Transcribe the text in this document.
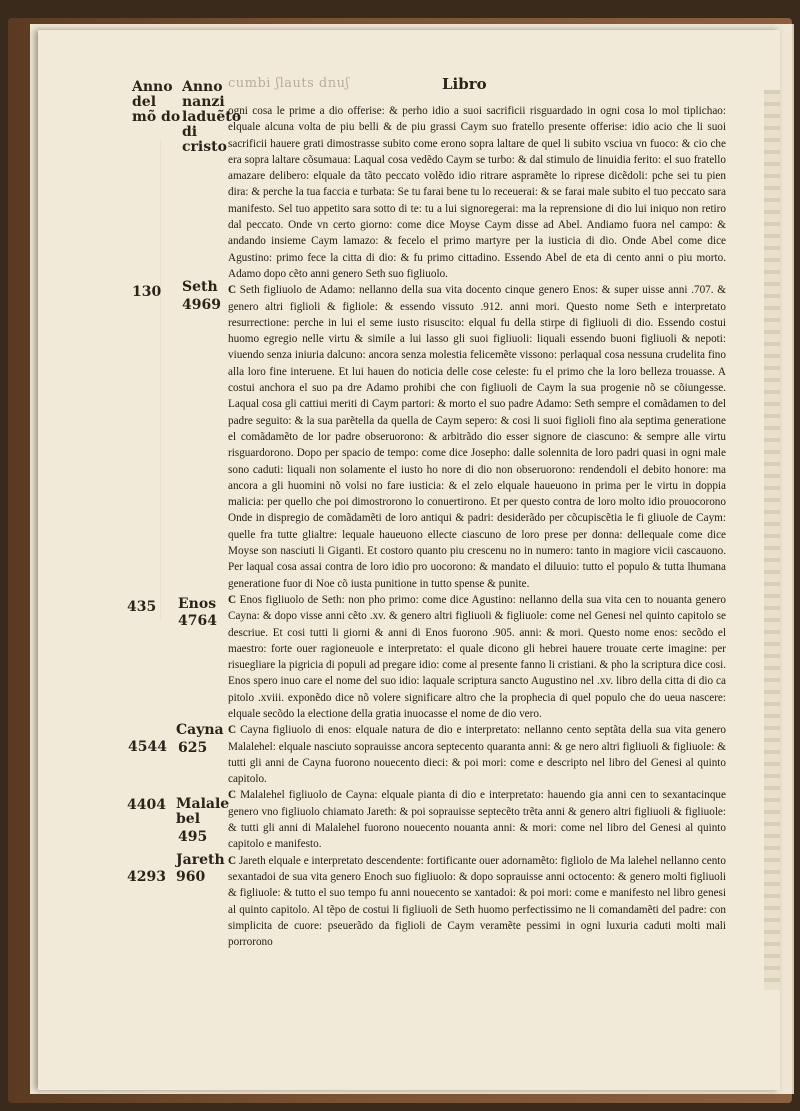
Anno del mõ do
Anno nanzi laduẽto di cristo
cumbi ʃlauts dnuʃ	Libro
130 Seth
4969
435 Enos
4764
4544
Cayna
625
4404 Malale bel
495
4293
Jareth
960

ogni cosa le prime a dio offerise: & perho idio a suoi sacrificii risguardado in ogni cosa lo mol tiplichao: elquale alcuna volta de piu belli & de piu grassi Caym suo fratello presente offerise: idio acio che li suoi sacrificii hauere grati dimostrasse subito come erono sopra laltare de quel li subito vsciua vn fuoco: & cio che era sopra laltare cõsumaua: Laqual cosa vedẽdo Caym se turbo: & dal stimulo de linuidia ferito: el suo fratello amazare delibero: elquale da tãto peccato volẽdo idio ritrare aspramẽte lo riprese dicẽdoli: pche sei tu pien dira: & perche la tua faccia e turbata: Se tu farai bene tu lo receuerai: & se farai male subito el tuo peccato sara manifesto. Sel tuo appetito sara sotto di te: tu a lui signoregerai: ma la reprensione di dio lui iniquo non retiro dal peccato. Onde vn certo giorno: come dice Moyse Caym disse ad Abel. Andiamo fuora nel campo: & andando insieme Caym lamazo: & fecelo el primo martyre per la iusticia di dio. Onde Abel come dice Agustino: primo fece la citta di dio: & fu primo cittadino. Essendo Abel de eta di cento anni o piu morto. Adamo dopo cẽto anni genero Seth suo figliuolo.

C Seth figliuolo de Adamo: nellanno della sua vita docento cinque genero Enos: & super uisse anni .707. & genero altri figlioli & figliole: & essendo vissuto .912. anni mori. Questo nome Seth e interpretato resurrectione: perche in lui el seme iusto risuscito: elqual fu della stirpe di figliuoli di dio. Essendo costui huomo egregio nelle virtu & simile a lui lasso gli suoi figliuoli: liquali essendo buoni figliuoli & nepoti: viuendo senza iniuria dalcuno: ancora senza molestia felicemẽte vissono: perlaqual cosa nessuna crudelita fino alla loro fine interuene. Et lui hauen do noticia delle cose celeste: fu el primo che la loro belleza trouasse. A costui anchora el suo pa dre Adamo prohibi che con figliuoli de Caym la sua progenie nõ se cõiungesse. Laqual cosa gli cattiui meriti di Caym partori: & morto el suo padre Adamo: Seth sempre el comãdamen to del padre seguito: & la sua parẽtella da quella de Caym sepero: & cosi li suoi figlioli fino ala septima generatione el comãdamẽto de lor padre obseruorono: & arbitrãdo dio esser signore de ciascuno: & sempre alle virtu risguardorono. Dopo per spacio de tempo: come dice Josepho: dalle solennita de loro padri quasi in ogni male sono caduti: liquali non solamente el iusto ho nore di dio non obseruorono: rendendoli el debito honore: ma ancora a gli huomini nõ volsi no fare iusticia: & el zelo elquale haueuono in prima per le virtu in doppia malicia: per quello che poi dimostrorono lo conuertirono. Et per questo contra de loro molto idio prouocorono Onde in dispregio de comãdamẽti de loro antiqui & padri: desiderãdo per cõcupiscẽtia le fi gliuole de Caym: quelle fra tutte glialtre: lequale haueuono ellecte ciascuno de loro prese per donna: dellequale come dice Moyse son nasciuti li Giganti. Et costoro quanto piu crescenu no in numero: tanto in magiore vicii cascauono. Per laqual cosa assai contra de loro idio pro uocorono: & mandato el diluuio: tutto el populo & tutta lhumana generatione fuor di Noe cõ iusta punitione in tutto spense & punite.

C Enos figliuolo de Seth: non pho primo: come dice Agustino: nellanno della sua vita cen to nouanta genero Cayna: & dopo visse anni cẽto .xv. & genero altri figliuoli & figliuole: come nel Genesi nel quinto capitolo se descriue. Et cosi tutti li giorni & anni di Enos fuorono .905. anni: & mori. Questo nome enos: secõdo el maestro: forte ouer ragioneuole e interpretato: el quale dicono gli hebrei hauere trouate certe imagine: per risuegliare la pigricia di populi ad pregare idio: come al presente fanno li cristiani. & pho la scriptura dice cosi. Enos spero inuo care el nome del suo idio: laquale scriptura sancto Augustino nel .xv. libro della citta di dio ca pitolo .xviii. exponẽdo dice nõ volere significare altro che la prophecia di quel populo che do ueua nascere: elquale secõdo la electione della gratia inuocasse el nome de dio vero.

C Cayna figliuolo di enos: elquale natura de dio e interpretato: nellanno cento septãta della sua vita genero Malalehel: elquale nasciuto soprauisse ancora septecento quaranta anni: & ge nero altri figliuoli & figliuole: & tutti gli anni de Cayna fuorono nouecento dieci: & poi mori: come e descripto nel libro del Genesi al quinto capitolo.

C Malalehel figliuolo de Cayna: elquale pianta di dio e interpretato: hauendo gia anni cen to sexantacinque genero vno figliuolo chiamato Jareth: & poi soprauisse septecẽto trẽta anni & genero altri figliuoli & figliuole: & tutti gli anni di Malalehel fuorono nouecento nouanta anni: & mori: come nel libro del Genesi al quinto capitolo e manifesto.

C Jareth elquale e interpretato descendente: fortificante ouer adornamẽto: figliolo de Ma lalehel nellanno cento sexantadoi de sua vita genero Enoch suo figliuolo: & dopo soprauisse anni octocento: & genero molti figliuoli & figliuole: & tutto el suo tempo fu anni nouecento se xantadoi: & poi mori: come e manifesto nel libro genesi al quinto capitolo. Al tẽpo de costui li figliuoli de Seth huomo perfectissimo ne li comandamẽti del padre: con simplicita de cuore: pseuerãdo da figlioli de Caym veramẽte pessimi in ogni luxuria caduti molti mali porrorono
